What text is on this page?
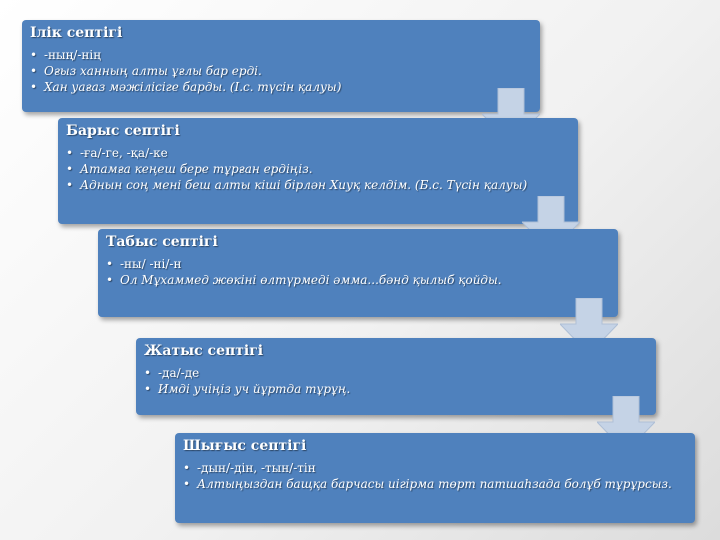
Ілік септігі
• -ның/-нің
• Оғыз ханның алты ұғлы бар ерді.
• Хан уағаз мәжілісіге барды. (І.с. түсін қалуы)
Барыс септігі
• -ға/-ге, -қа/-ке
• Атамға кеңеш бере тұрған ердіңіз.
• Аднын соң мені беш алты кіші бірлән Хиуқ келдім. (Б.с. Түсін қалуы)
Табыс септігі
• -ны/ -ні/-н
• Ол Мұхаммед жөкіні өлтүрмеді әмма...бәнд қылыб қойды.
Жатыс септігі
• -да/-де
• Имді учіңіз уч йұртда тұрұң.
Шығыс септігі
• -дын/-дін, -тын/-тін
• Алтыңыздан бащқа барчасы иігірма төрт патшаһзада болұб тұрұрсыз.
